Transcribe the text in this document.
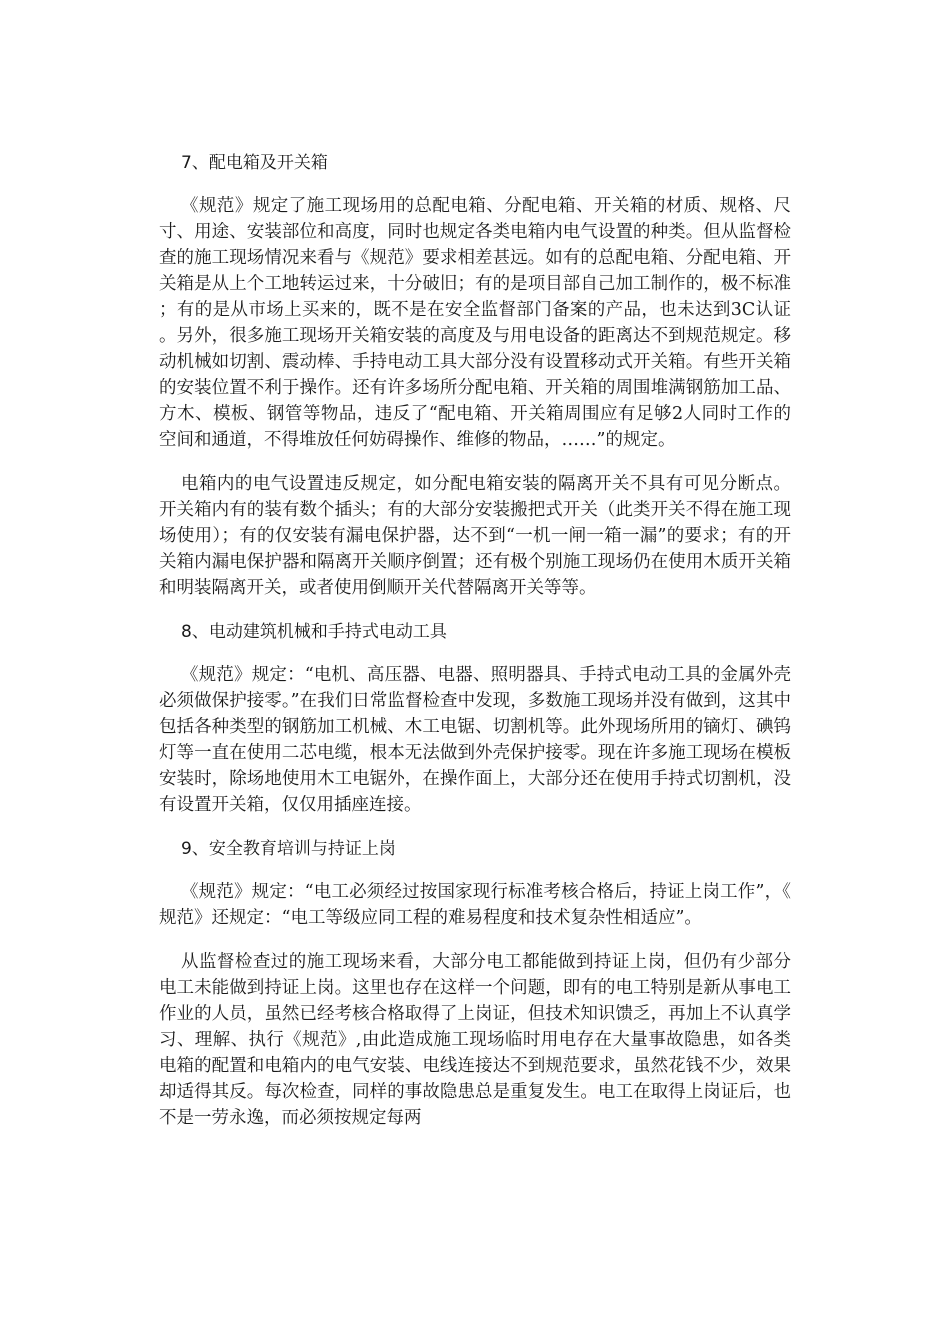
7、配电箱及开关箱

《规范》规定了施工现场用的总配电箱、分配电箱、开关箱的材质、规格、尺寸、用途、安装部位和高度，同时也规定各类电箱内电气设置的种类。但从监督检查的施工现场情况来看与《规范》要求相差甚远。如有的总配电箱、分配电箱、开关箱是从上个工地转运过来，十分破旧；有的是项目部自己加工制作的，极不标准；有的是从市场上买来的，既不是在安全监督部门备案的产品，也未达到3C认证。另外，很多施工现场开关箱安装的高度及与用电设备的距离达不到规范规定。移动机械如切割、震动棒、手持电动工具大部分没有设置移动式开关箱。有些开关箱的安装位置不利于操作。还有许多场所分配电箱、开关箱的周围堆满钢筋加工品、方木、模板、钢管等物品，违反了“配电箱、开关箱周围应有足够2人同时工作的空间和通道，不得堆放任何妨碍操作、维修的物品，……”的规定。

电箱内的电气设置违反规定，如分配电箱安装的隔离开关不具有可见分断点。开关箱内有的装有数个插头；有的大部分安装搬把式开关（此类开关不得在施工现场使用）；有的仅安装有漏电保护器，达不到“一机一闸一箱一漏”的要求；有的开关箱内漏电保护器和隔离开关顺序倒置；还有极个别施工现场仍在使用木质开关箱和明装隔离开关，或者使用倒顺开关代替隔离开关等等。

8、电动建筑机械和手持式电动工具

《规范》规定：“电机、高压器、电器、照明器具、手持式电动工具的金属外壳必须做保护接零。”在我们日常监督检查中发现，多数施工现场并没有做到，这其中包括各种类型的钢筋加工机械、木工电锯、切割机等。此外现场所用的镝灯、碘钨灯等一直在使用二芯电缆，根本无法做到外壳保护接零。现在许多施工现场在模板安装时，除场地使用木工电锯外，在操作面上，大部分还在使用手持式切割机，没有设置开关箱，仅仅用插座连接。

9、安全教育培训与持证上岗

《规范》规定：“电工必须经过按国家现行标准考核合格后，持证上岗工作”，《规范》还规定：“电工等级应同工程的难易程度和技术复杂性相适应”。

从监督检查过的施工现场来看，大部分电工都能做到持证上岗，但仍有少部分电工未能做到持证上岗。这里也存在这样一个问题，即有的电工特别是新从事电工作业的人员，虽然已经考核合格取得了上岗证，但技术知识馈乏，再加上不认真学习、理解、执行《规范》,由此造成施工现场临时用电存在大量事故隐患，如各类电箱的配置和电箱内的电气安装、电线连接达不到规范要求，虽然花钱不少，效果却适得其反。每次检查，同样的事故隐患总是重复发生。电工在取得上岗证后，也不是一劳永逸，而必须按规定每两
